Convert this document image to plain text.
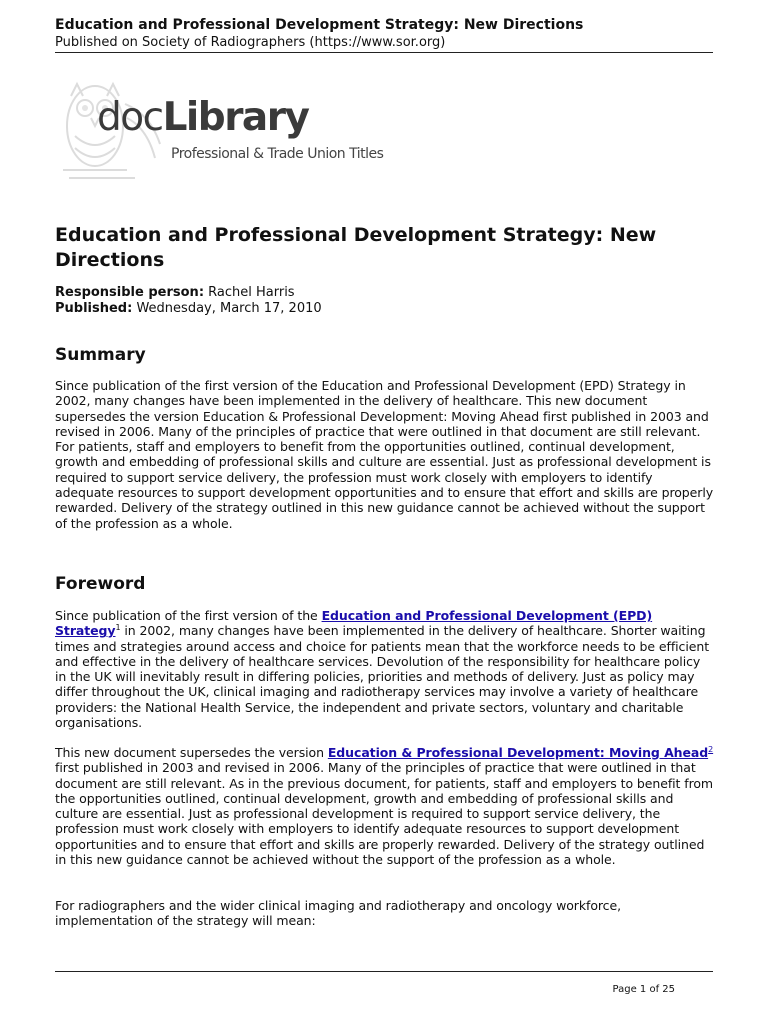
Education and Professional Development Strategy: New Directions
Published on Society of Radiographers (https://www.sor.org)
docLibrary
Professional & Trade Union Titles
Education and Professional Development Strategy: New Directions
Responsible person: Rachel Harris
Published: Wednesday, March 17, 2010
Summary

Since publication of the first version of the Education and Professional Development (EPD) Strategy in 2002, many changes have been implemented in the delivery of healthcare. This new document supersedes the version Education & Professional Development: Moving Ahead first published in 2003 and revised in 2006. Many of the principles of practice that were outlined in that document are still relevant. For patients, staff and employers to benefit from the opportunities outlined, continual development, growth and embedding of professional skills and culture are essential. Just as professional development is required to support service delivery, the profession must work closely with employers to identify adequate resources to support development opportunities and to ensure that effort and skills are properly rewarded. Delivery of the strategy outlined in this new guidance cannot be achieved without the support of the profession as a whole.

Foreword

Since publication of the first version of the Education and Professional Development (EPD) Strategy$^1$ in 2002, many changes have been implemented in the delivery of healthcare. Shorter waiting times and strategies around access and choice for patients mean that the workforce needs to be efficient and effective in the delivery of healthcare services. Devolution of the responsibility for healthcare policy in the UK will inevitably result in differing policies, priorities and methods of delivery. Just as policy may differ throughout the UK, clinical imaging and radiotherapy services may involve a variety of healthcare providers: the National Health Service, the independent and private sectors, voluntary and charitable organisations.

This new document supersedes the version Education & Professional Development: Moving Ahead$^2$ first published in 2003 and revised in 2006. Many of the principles of practice that were outlined in that document are still relevant. As in the previous document, for patients, staff and employers to benefit from the opportunities outlined, continual development, growth and embedding of professional skills and culture are essential. Just as professional development is required to support service delivery, the profession must work closely with employers to identify adequate resources to support development opportunities and to ensure that effort and skills are properly rewarded. Delivery of the strategy outlined in this new guidance cannot be achieved without the support of the profession as a whole.

For radiographers and the wider clinical imaging and radiotherapy and oncology workforce, implementation of the strategy will mean:

Page 1 of 25
